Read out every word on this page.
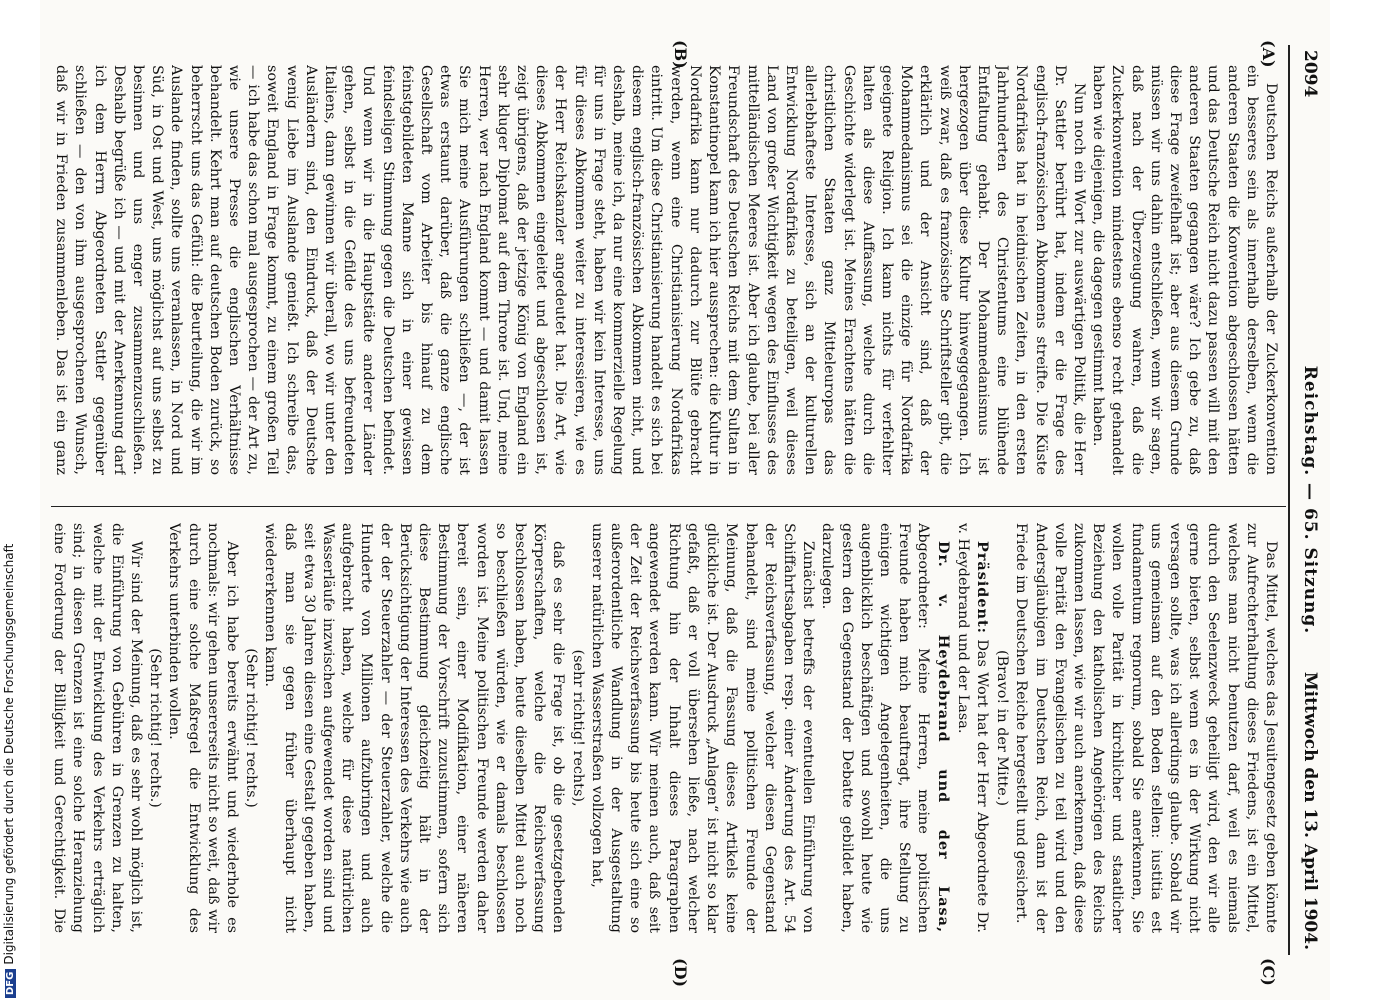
DFGDigitalisierung gefördert durch die Deutsche Forschungsgemeinschaft
2094
Reichstag. — 65. Sitzung.
Mittwoch den 13. April 1904.
(A)
(B)
(C)
(D)

Deutschen Reichs außerhalb der Zuckerkonvention ein besseres sein als innerhalb derselben, wenn die anderen Staaten die Konvention abgeschlossen hätten und das Deutsche Reich nicht dazu passen will mit den anderen Staaten gegangen wäre? Ich gebe zu, daß diese Frage zweifelhaft ist; aber aus diesem Grunde müssen wir uns dahin entschließen, wenn wir sagen, daß nach der Überzeugung wahren, daß die Zuckerkonvention mindestens ebenso recht gehandelt haben wie diejenigen, die dagegen gestimmt haben.

Nun noch ein Wort zur auswärtigen Politik, die Herr Dr. Sattler berührt hat, indem er die Frage des englisch-französischen Abkommens streifte. Die Küste Nordafrikas hat in heidnischen Zeiten, in den ersten Jahrhunderten des Christentums eine blühende Entfaltung gehabt. Der Mohammedanismus ist hergezogen über diese Kultur hinweggegangen. Ich weiß zwar, daß es französische Schriftsteller gibt, die erklärlich und der Ansicht sind, daß der Mohammedanismus sei die einzige für Nordafrika geeignete Religion. Ich kann nichts für verfehlter halten als diese Auffassung, welche durch die Geschichte widerlegt ist. Meines Erachtens hätten die christlichen Staaten ganz Mitteleuropas das allerlebhafteste Interesse, sich an der kulturellen Entwicklung Nordafrikas zu beteiligen, weil dieses Land von großer Wichtigkeit wegen des Einflusses des mittelländischen Meeres ist. Aber ich glaube, bei aller Freundschaft des Deutschen Reichs mit dem Sultan in Konstantinopel kann ich hier aussprechen: die Kultur in Nordafrika kann nur dadurch zur Blüte gebracht werden, wenn eine Christianisierung Nordafrikas eintritt. Um diese Christianisierung handelt es sich bei diesem englisch-französischen Abkommen nicht, und deshalb, meine ich, da nur eine kommerzielle Regelung für uns in Frage steht, haben wir kein Interesse, uns für dieses Abkommen weiter zu interessieren, wie es der Herr Reichskanzler angedeutet hat. Die Art, wie dieses Abkommen eingeleitet und abgeschlossen ist, zeigt übrigens, daß der jetzige König von England ein sehr kluger Diplomat auf dem Throne ist. Und, meine Herren, wer nach England kommt — und damit lassen Sie mich meine Ausführungen schließen —, der ist etwas erstaunt darüber, daß die ganze englische Gesellschaft vom Arbeiter bis hinauf zu dem feinstgebildeten Manne sich in einer gewissen feindseligen Stimmung gegen die Deutschen befindet. Und wenn wir in die Hauptstädte anderer Länder gehen, selbst in die Gefilde des uns befreundeten Italiens, dann gewinnen wir überall, wo wir unter den Ausländern sind, den Eindruck, daß der Deutsche wenig Liebe im Auslande genießt. Ich schreibe das, soweit England in Frage kommt, zu einem großen Teil — ich habe das schon mal ausgesprochen — der Art zu, wie unsere Presse die englischen Verhältnisse behandelt. Kehrt man auf deutschen Boden zurück, so beherrscht uns das Gefühl: die Beurteilung, die wir im Auslande finden, sollte uns veranlassen, in Nord und Süd, in Ost und West, uns möglichst auf uns selbst zu besinnen und uns enger zusammenzuschließen. Deshalb begrüße ich — und mit der Anerkennung darf ich dem Herrn Abgeordneten Sattler gegenüber schließen — den von ihm ausgesprochenen Wunsch, daß wir in Frieden zusammenleben. Das ist ein ganz

Das Mittel, welches das Jesuitengesetz geben könnte zur Aufrechterhaltung dieses Friedens, ist ein Mittel, welches man nicht benutzen darf, weil es niemals durch den Seelenzweck geheiligt wird, den wir alle gerne bieten, selbst wenn es in der Wirkung nicht versagen sollte, was ich allerdings glaube. Sobald wir uns gemeinsam auf den Boden stellen: iustitia est fundamentum regnorum, sobald Sie anerkennen, Sie wollen volle Parität in kirchlicher und staatlicher Beziehung den katholischen Angehörigen des Reichs zukommen lassen, wie wir auch anerkennen, daß diese volle Parität den Evangelischen zu teil wird und den Andersgläubigen im Deutschen Reich, dann ist der Friede im Deutschen Reiche hergestellt und gesichert.

(Bravo! in der Mitte.)

Präsident: Das Wort hat der Herr Abgeordnete Dr. v. Heydebrand und der Lasa.

Dr. v. Heydebrand und der Lasa, Abgeordneter: Meine Herren, meine politischen Freunde haben mich beauftragt, ihre Stellung zu einigen wichtigen Angelegenheiten, die uns augenblicklich beschäftigen und sowohl heute wie gestern den Gegenstand der Debatte gebildet haben, darzulegen.

Zunächst betreffs der eventuellen Einführung von Schiffahrtsabgaben resp. einer Änderung des Art. 54 der Reichsverfassung, welcher diesen Gegenstand behandelt, sind meine politischen Freunde der Meinung, daß die Fassung dieses Artikels keine glückliche ist. Der Ausdruck „Anlagen“ ist nicht so klar gefaßt, daß er voll übersehen ließe, nach welcher Richtung hin der Inhalt dieses Paragraphen angewendet werden kann. Wir meinen auch, daß seit der Zeit der Reichsverfassung bis heute sich eine so außerordentliche Wandlung in der Ausgestaltung unserer natürlichen Wasserstraßen vollzogen hat,

(sehr richtig! rechts),

daß es sehr die Frage ist, ob die gesetzgebenden Körperschaften, welche die Reichsverfassung beschlossen haben, heute dieselben Mittel auch noch so beschließen würden, wie er damals beschlossen worden ist. Meine politischen Freunde werden daher bereit sein, einer Modifikation, einer näheren Bestimmung der Vorschrift zuzustimmen, sofern sich diese Bestimmung gleichzeitig hält in der Berücksichtigung der Interessen des Verkehrs wie auch der der Steuerzahler — der Steuerzahler, welche die Hunderte von Millionen aufzubringen und auch aufgebracht haben, welche für diese natürlichen Wasserläufe inzwischen aufgewendet worden sind und seit etwa 30 Jahren diesen eine Gestalt gegeben haben, daß man sie gegen früher überhaupt nicht wiedererkennen kann.

(Sehr richtig! rechts.)

Aber ich habe bereits erwähnt und wiederhole es nochmals: wir gehen unsererseits nicht so weit, daß wir durch eine solche Maßregel die Entwicklung des Verkehrs unterbinden wollen.

(Sehr richtig! rechts.)

Wir sind der Meinung, daß es sehr wohl möglich ist, die Einführung von Gebühren in Grenzen zu halten, welche mit der Entwicklung des Verkehrs erträglich sind; in diesen Grenzen ist eine solche Heranziehung eine Forderung der Billigkeit und Gerechtigkeit. Die
